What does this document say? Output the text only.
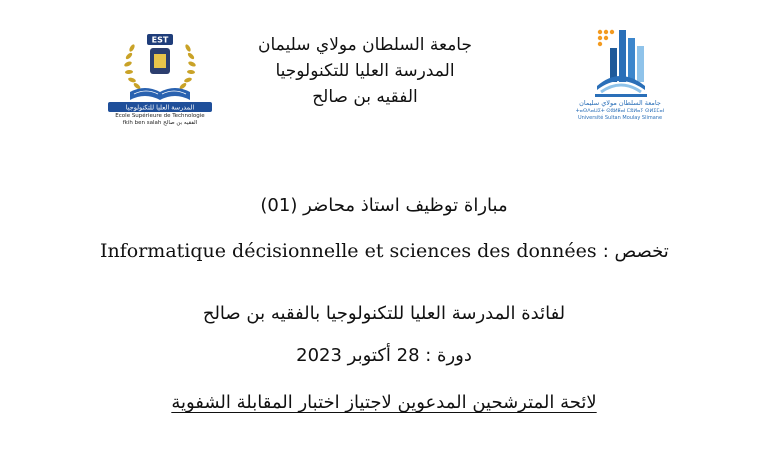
EST
المدرسة العليا للتكنولوجيا
Ecole Supérieure de Technologie
fkih ben salah الفقيه بن صالح
جامعة السلطان مولاي سليمان
المدرسة العليا للتكنولوجيا
الفقيه بن صالح	جامعة السلطان مولاي سليمان
ⵜⴰⵙⴷⴰⵡⵉⵜ ⵙⵓⵍⵟⴰⵏ ⵎⵓⵍⴰⵢ ⵙⵍⵉⵎⴰⵏ
Université Sultan Moulay Slimane
مباراة توظيف استاذ محاضر (01)
Informatique décisionnelle et sciences des données تخصص :
لفائدة المدرسة العليا للتكنولوجيا بالفقيه بن صالح
دورة : 28 أكتوبر 2023
لائحة المترشحين المدعوين لاجتياز اختبار المقابلة الشفوية
